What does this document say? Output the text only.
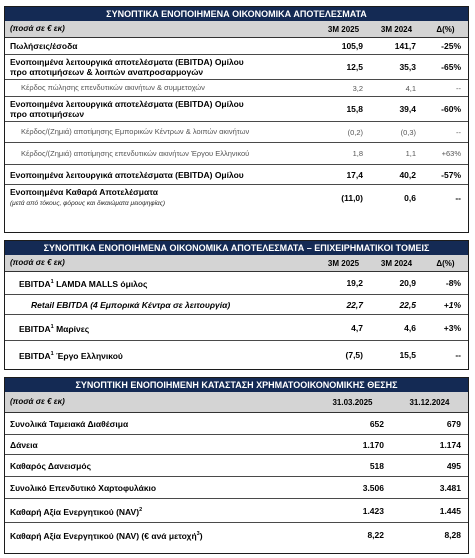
ΣΥΝΟΠΤΙΚΑ ΕΝΟΠΟΙΗΜΕΝΑ ΟΙΚΟΝΟΜΙΚΑ ΑΠΟΤΕΛΕΣΜΑΤΑ
(ποσά σε € εκ)	3Μ 2025	3Μ 2024	Δ(%)
Πωλήσεις/έσοδα	105,9	141,7	-25%
Ενοποιημένα λειτουργικά αποτελέσματα (EBITDA) Ομίλου
προ αποτιμήσεων & λοιπών αναπροσαρμογών	12,5	35,3	-65%
Κέρδος πώλησης επενδυτικών ακινήτων & συμμετοχών	3,2	4,1	--
Ενοποιημένα λειτουργικά αποτελέσματα (EBITDA) Ομίλου
προ αποτιμήσεων	15,8	39,4	-60%
Κέρδος/(Ζημιά) αποτίμησης Εμπορικών Κέντρων & λοιπών ακινήτων	(0,2)	(0,3)	--
Κέρδος/(Ζημιά) αποτίμησης επενδυτικών ακινήτων Έργου Ελληνικού	1,8	1,1	+63%
Ενοποιημένα λειτουργικά αποτελέσματα (EBITDA) Ομίλου	17,4	40,2	-57%
Ενοποιημένα Καθαρά Αποτελέσματα
(μετά από τόκους, φόρους και δικαιώματα μειοψηφίας)
(11,0)	0,6	--
ΣΥΝΟΠΤΙΚΑ ΕΝΟΠΟΙΗΜΕΝΑ ΟΙΚΟΝΟΜΙΚΑ ΑΠΟΤΕΛΕΣΜΑΤΑ – ΕΠΙΧΕΙΡΗΜΑΤΙΚΟΙ ΤΟΜΕΙΣ
(ποσά σε € εκ)	3Μ 2025	3Μ 2024	Δ(%)
EBITDA$^1$ LAMDA MALLS όμιλος	19,2	20,9	-8%
Retail EBITDA (4 Εμπορικά Κέντρα σε λειτουργία)	22,7	22,5	+1%
EBITDA$^1$ Μαρίνες	4,7	4,6	+3%
EBITDA$^1$ Έργο Ελληνικού	(7,5)	15,5	--
ΣΥΝΟΠΤΙΚΗ ΕΝΟΠΟΙΗΜΕΝΗ ΚΑΤΑΣΤΑΣΗ ΧΡΗΜΑΤΟΟΙΚΟΝΟΜΙΚΗΣ ΘΕΣΗΣ
(ποσά σε € εκ)	31.03.2025	31.12.2024
Συνολικά Ταμειακά Διαθέσιμα	652	679
Δάνεια	1.170	1.174
Καθαρός Δανεισμός	518	495
Συνολικό Επενδυτικό Χαρτοφυλάκιο	3.506	3.481
Καθαρή Αξία Ενεργητικού (NAV)$^2$	1.423	1.445
Καθαρή Αξία Ενεργητικού (NAV) (€ ανά μετοχή$^3$)	8,22	8,28
